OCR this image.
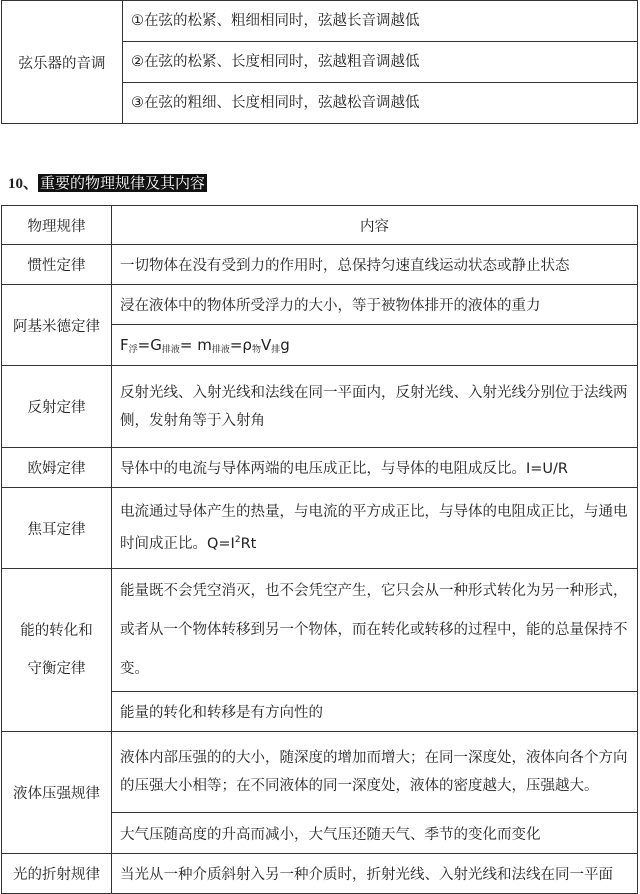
弦乐器的音调	①在弦的松紧、粗细相同时，弦越长音调越低
②在弦的松紧、长度相同时，弦越粗音调越低
③在弦的粗细、长度相同时，弦越松音调越低
10、 重要的物理规律及其内容
物理规律	内容
惯性定律	一切物体在没有受到力的作用时，总保持匀速直线运动状态或静止状态
阿基米德定律	浸在液体中的物体所受浮力的大小，等于被物体排开的液体的重力
	$F_浮=G_{排液}= m_{排液}=\rho_物V_排g$
反射定律	反射光线、入射光线和法线在同一平面内，反射光线、入射光线分别位于法线两侧，发射角等于入射角
欧姆定律	导体中的电流与导体两端的电压成正比，与导体的电阻成反比。I=U/R
焦耳定律	电流通过导体产生的热量，与电流的平方成正比，与导体的电阻成正比，与通电时间成正比。$Q=I^2Rt$
能的转化和
守衡定律	能量既不会凭空消灭，也不会凭空产生，它只会从一种形式转化为另一种形式，或者从一个物体转移到另一个物体，而在转化或转移的过程中，能的总量保持不变。
	能量的转化和转移是有方向性的
液体压强规律	液体内部压强的的大小，随深度的增加而增大；在同一深度处，液体向各个方向的压强大小相等；在不同液体的同一深度处，液体的密度越大，压强越大。
	大气压随高度的升高而减小，大气压还随天气、季节的变化而变化
光的折射规律	当光从一种介质斜射入另一种介质时，折射光线、入射光线和法线在同一平面
